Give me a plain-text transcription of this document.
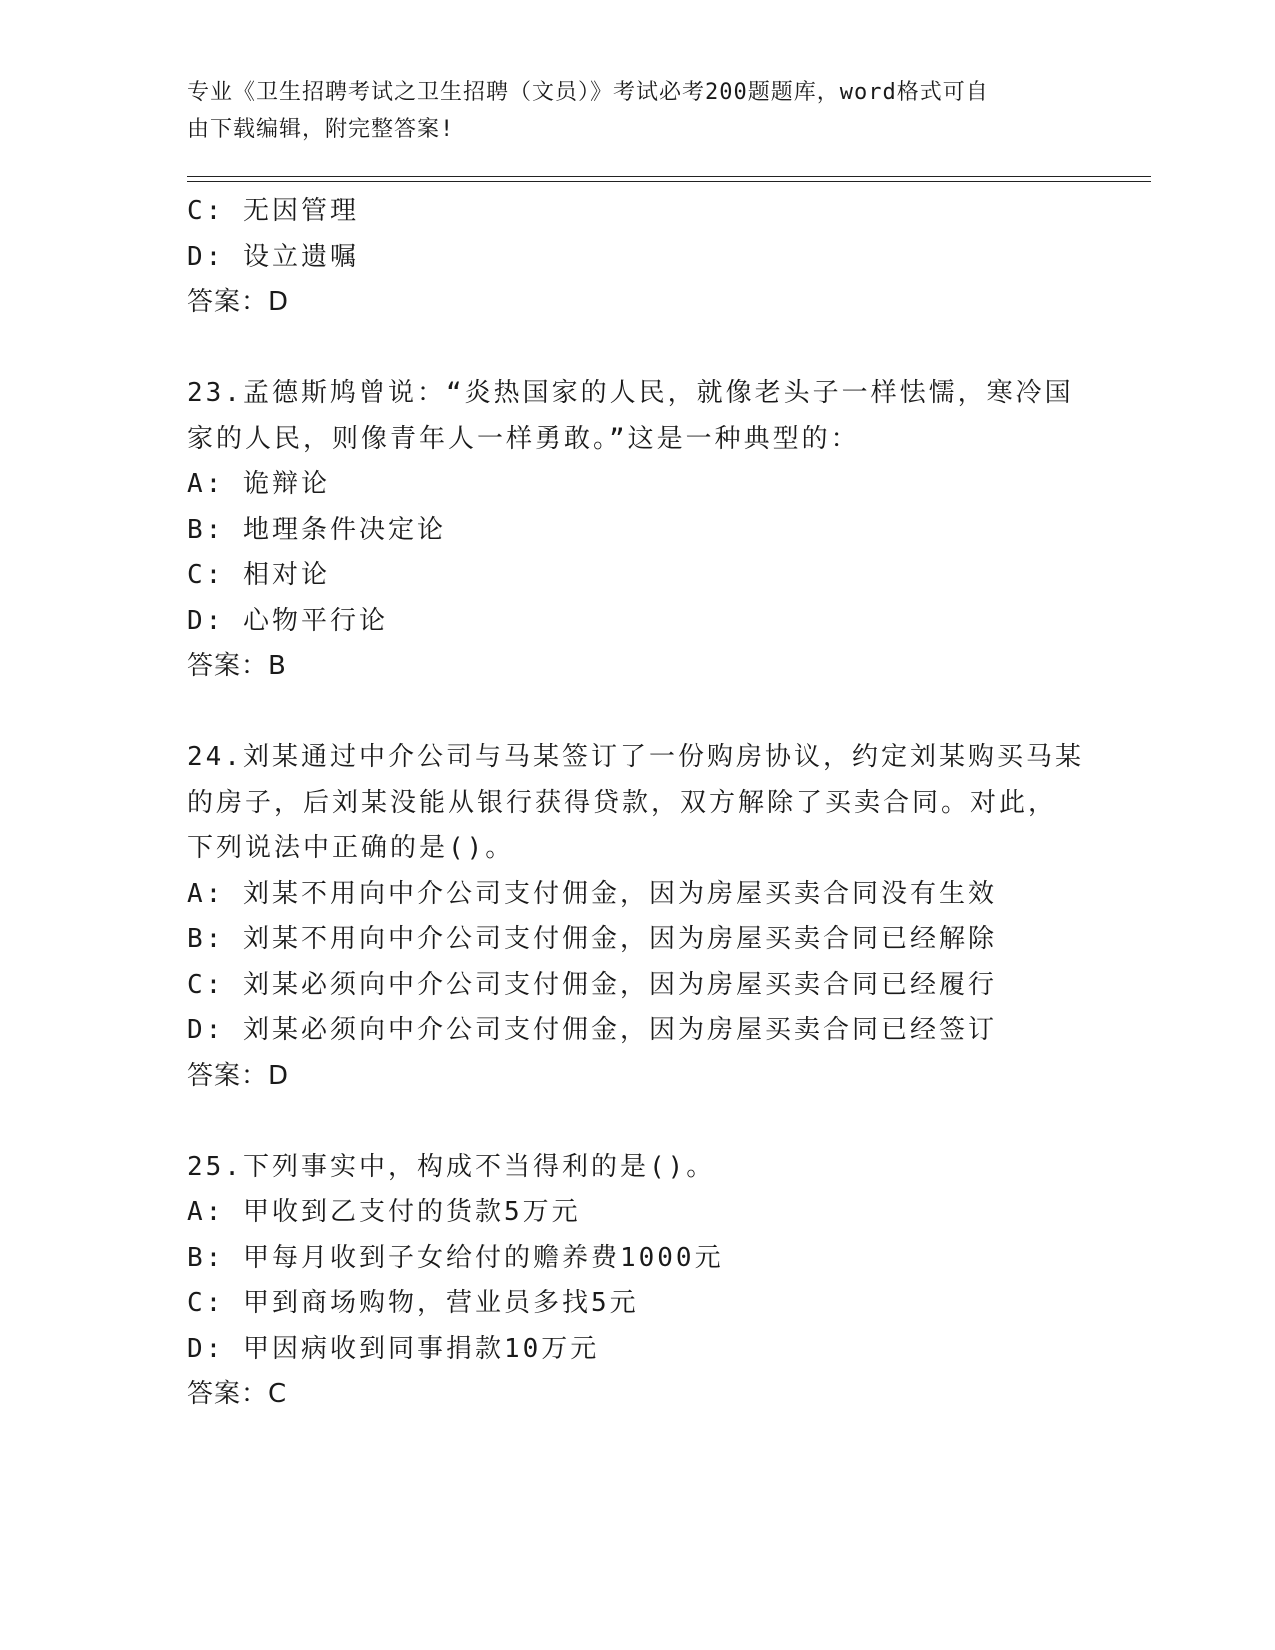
专业《卫生招聘考试之卫生招聘（文员）》考试必考200题题库，word格式可自
由下载编辑，附完整答案!
C: 无因管理
D: 设立遗嘱
答案：D
23.孟德斯鸠曾说：“炎热国家的人民，就像老头子一样怯懦，寒冷国
家的人民，则像青年人一样勇敢。”这是一种典型的：
A: 诡辩论
B: 地理条件决定论
C: 相对论
D: 心物平行论
答案：B
24.刘某通过中介公司与马某签订了一份购房协议，约定刘某购买马某
的房子，后刘某没能从银行获得贷款，双方解除了买卖合同。对此，
下列说法中正确的是()。
A: 刘某不用向中介公司支付佣金，因为房屋买卖合同没有生效
B: 刘某不用向中介公司支付佣金，因为房屋买卖合同已经解除
C: 刘某必须向中介公司支付佣金，因为房屋买卖合同已经履行
D: 刘某必须向中介公司支付佣金，因为房屋买卖合同已经签订
答案：D
25.下列事实中，构成不当得利的是()。
A: 甲收到乙支付的货款5万元
B: 甲每月收到子女给付的赡养费1000元
C: 甲到商场购物，营业员多找5元
D: 甲因病收到同事捐款10万元
答案：C
